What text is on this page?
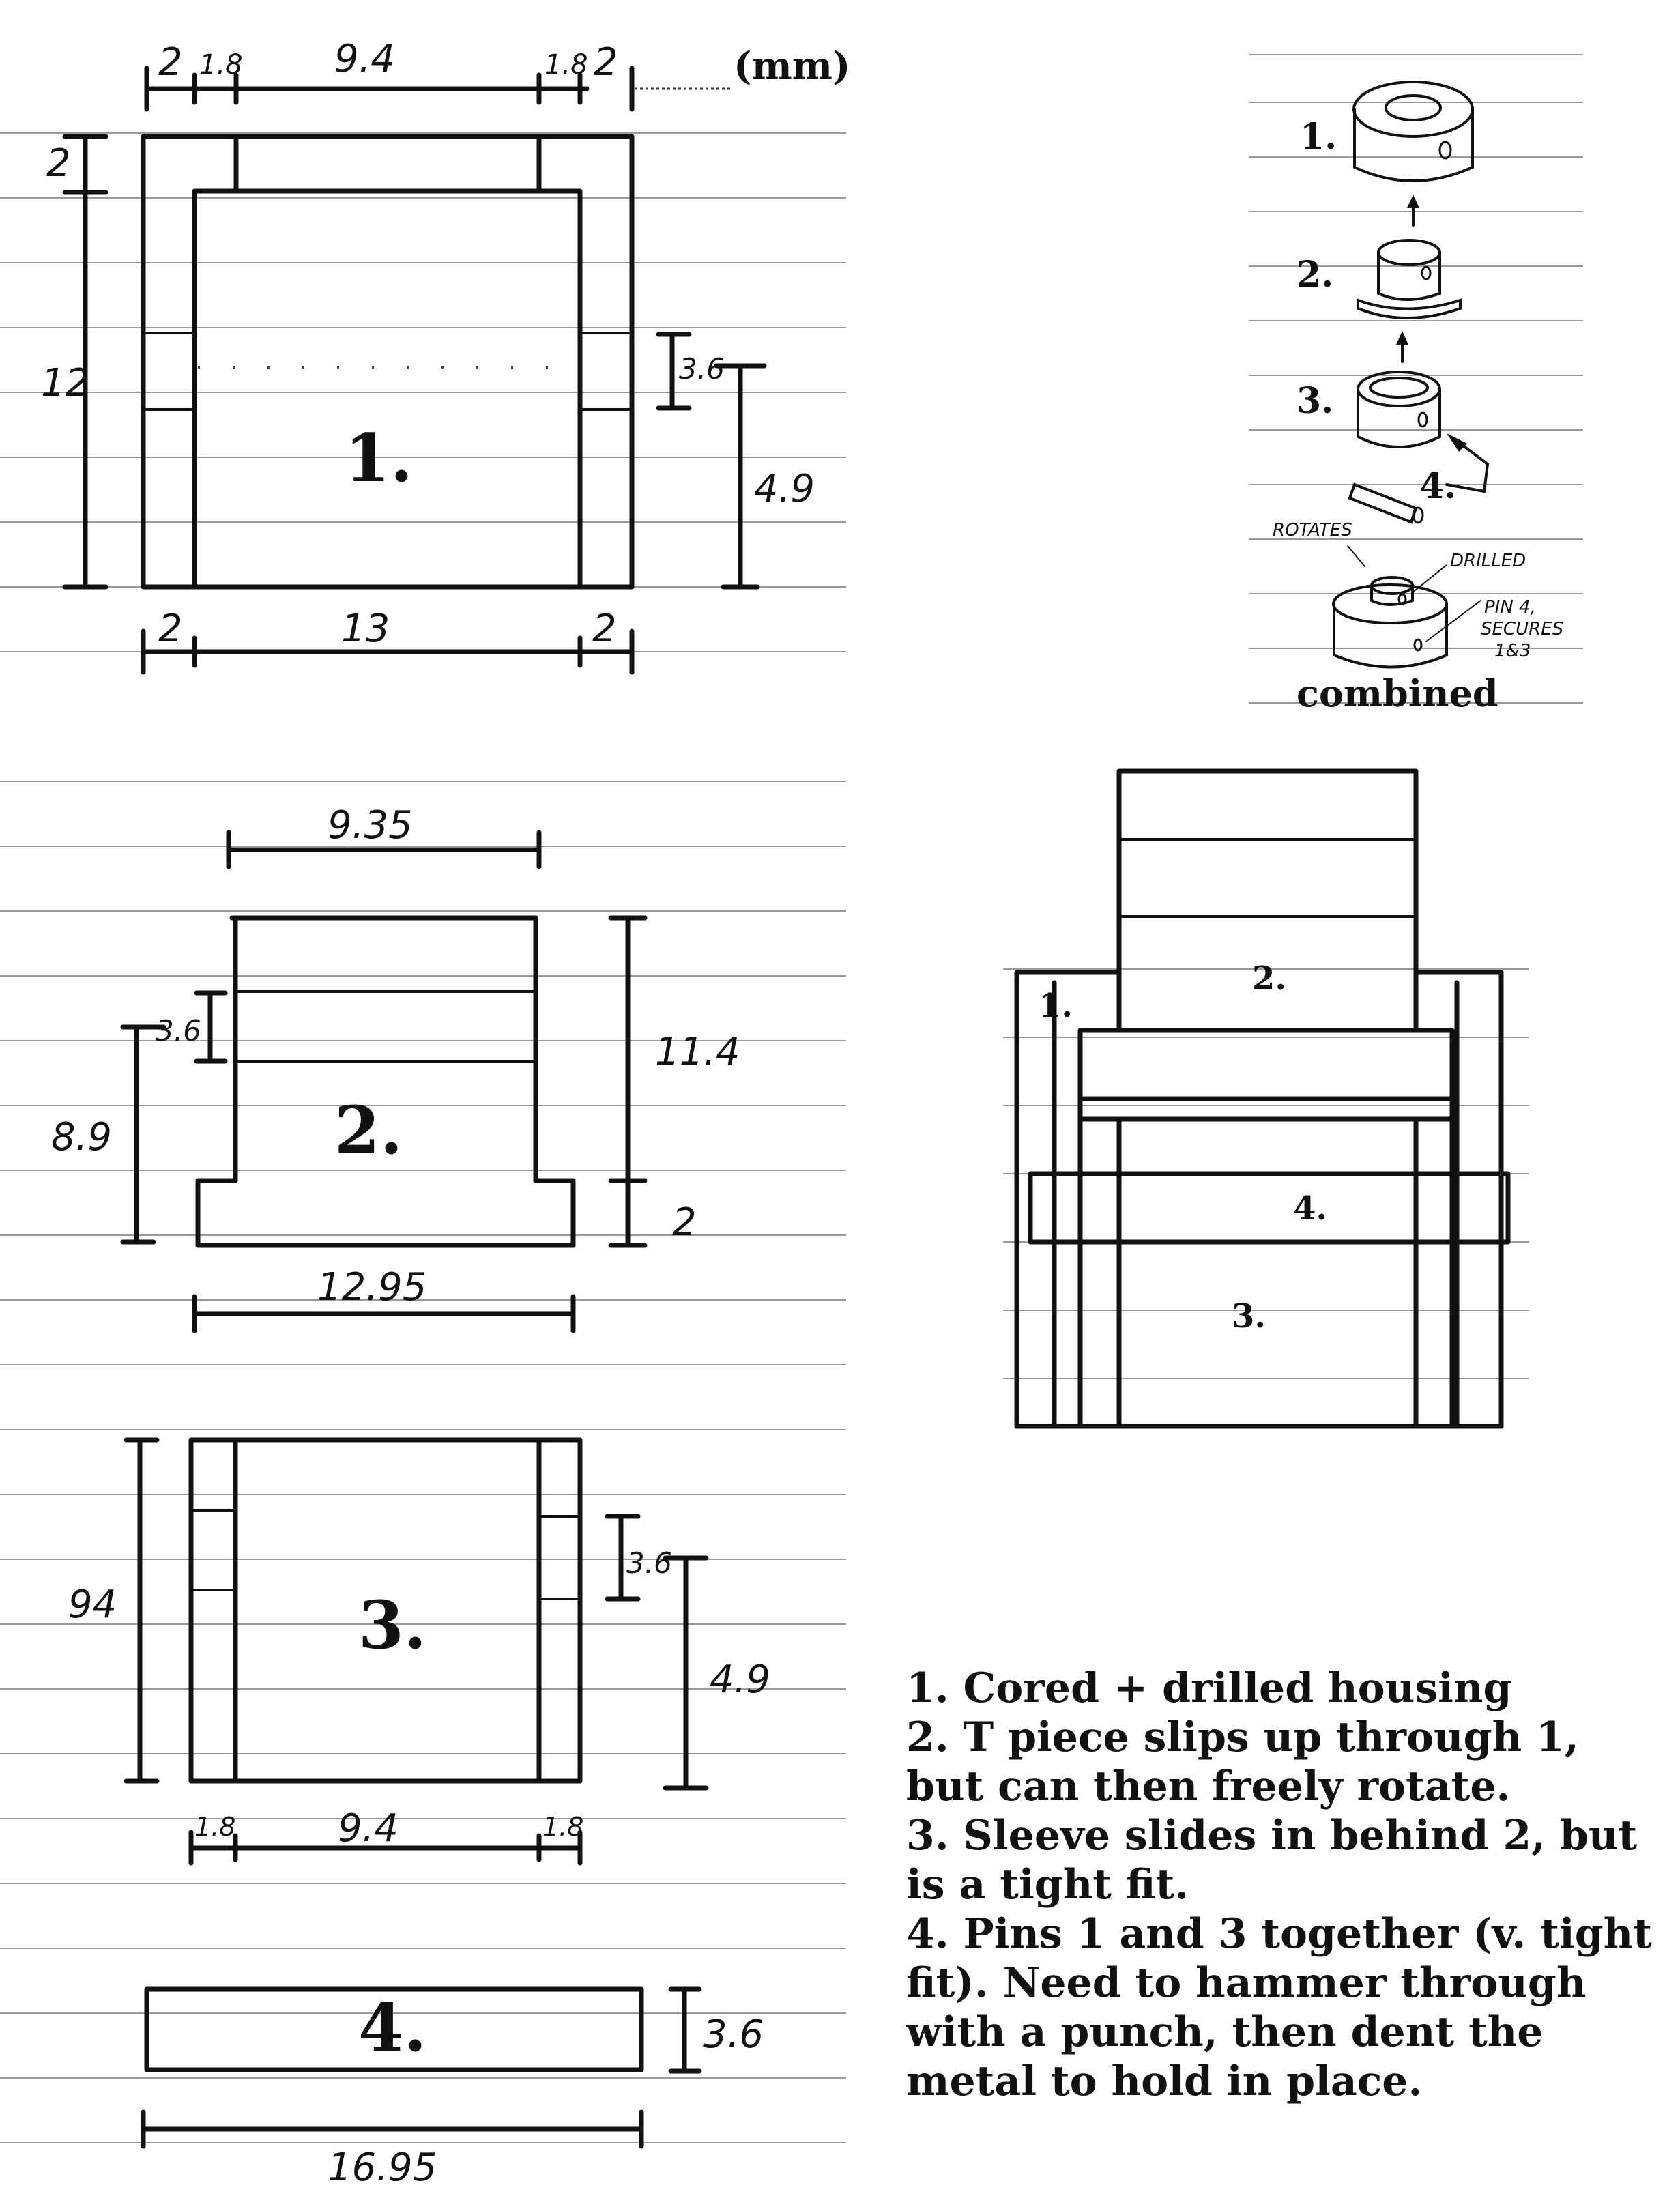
2 1.8 9.4	1.8 2	(mm)
2
12	3.6
4.9
1.
2	13	2
9.35
3.6
8.9
11.4
2
12.95
2.
94
3.6
4.9
1.8	9.4	1.8
3.
3.6
16.95
4.
1.
2.
3.
4.
ROTATES
DRILLED
PIN 4,
SECURES
1&3
combined
1.
2.
4.
3.
1. Cored + drilled housing
2. T piece slips up through 1,
but can then freely rotate.
3. Sleeve slides in behind 2, but
is a tight fit.
4. Pins 1 and 3 together (v. tight
fit). Need to hammer through
with a punch, then dent the
metal to hold in place.
